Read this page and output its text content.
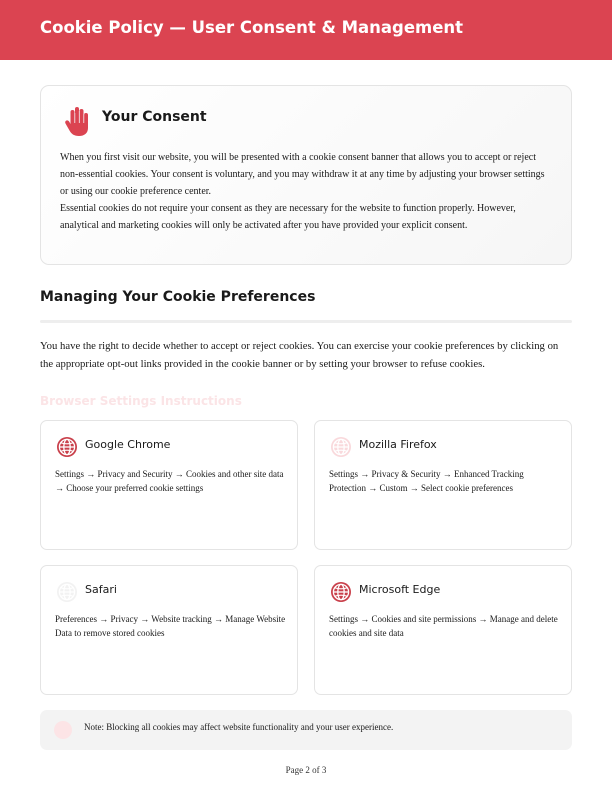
Cookie Policy — User Consent & Management
Your Consent

When you first visit our website, you will be presented with a cookie consent banner that allows you to accept or reject non-essential cookies. Your consent is voluntary, and you may withdraw it at any time by adjusting your browser settings or using our cookie preference center.

Essential cookies do not require your consent as they are necessary for the website to function properly. However, analytical and marketing cookies will only be activated after you have provided your explicit consent.

Managing Your Cookie Preferences

You have the right to decide whether to accept or reject cookies. You can exercise your cookie preferences by clicking on the appropriate opt-out links provided in the cookie banner or by setting your browser to refuse cookies.

Browser Settings Instructions
Google Chrome
Settings → Privacy and Security → Cookies and other site data → Choose your preferred cookie settings
Mozilla Firefox
Settings → Privacy & Security → Enhanced Tracking Protection → Custom → Select cookie preferences
Safari
Preferences → Privacy → Website tracking → Manage Website Data to remove stored cookies
Microsoft Edge
Settings → Cookies and site permissions → Manage and delete cookies and site data
Note: Blocking all cookies may affect website functionality and your user experience.
Page 2 of 3
